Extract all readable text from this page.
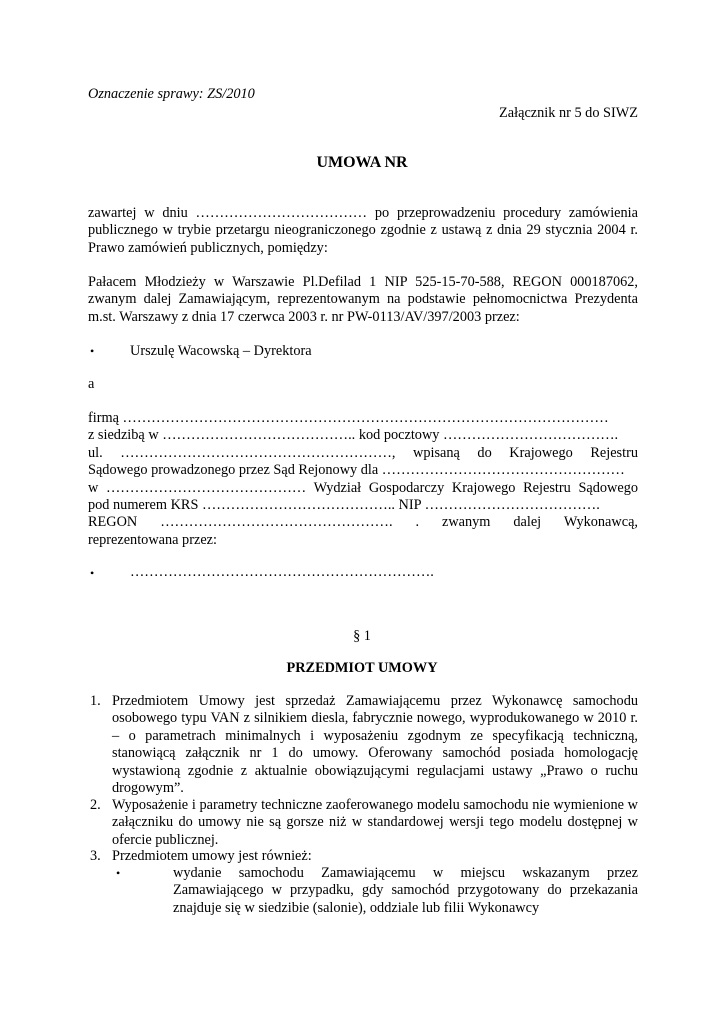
Oznaczenie sprawy: ZS/2010
Załącznik nr 5 do SIWZ
UMOWA NR

zawartej w dniu ……………………………… po przeprowadzeniu procedury zamówienia publicznego w trybie przetargu nieograniczonego zgodnie z ustawą z dnia 29 stycznia 2004 r. Prawo zamówień publicznych, pomiędzy:

Pałacem Młodzieży w Warszawie Pl.Defilad 1 NIP 525-15-70-588, REGON 000187062, zwanym dalej Zamawiającym, reprezentowanym na podstawie pełnomocnictwa Prezydenta m.st. Warszawy z dnia 17 czerwca 2003 r. nr PW-0113/AV/397/2003 przez:

•	Urszulę Wacowską – Dyrektora
a
firmą …………………………………………………………………………………………
z siedzibą w ………………………………….. kod pocztowy ……………………………….
ul. …………………………………………………, wpisaną do Krajowego Rejestru
Sądowego prowadzonego przez Sąd Rejonowy dla ……………………………………………
w …………………………………… Wydział Gospodarczy Krajowego Rejestru Sądowego
pod numerem KRS ………………………………….. NIP ……………………………….
REGON …………………………………………. . zwanym dalej Wykonawcą,
reprezentowana przez:
•	……………………………………………………….
§ 1
PRZEDMIOT UMOWY
1. Przedmiotem Umowy jest sprzedaż Zamawiającemu przez Wykonawcę samochodu osobowego typu VAN z silnikiem diesla, fabrycznie nowego, wyprodukowanego w 2010 r. – o parametrach minimalnych i wyposażeniu zgodnym ze specyfikacją techniczną, stanowiącą załącznik nr 1 do umowy. Oferowany samochód posiada homologację wystawioną zgodnie z aktualnie obowiązującymi regulacjami ustawy „Prawo o ruchu drogowym”.

2. Wyposażenie i parametry techniczne zaoferowanego modelu samochodu nie wymienione w załączniku do umowy nie są gorsze niż w standardowej wersji tego modelu dostępnej w ofercie publicznej.

3. Przedmiotem umowy jest również:
•	wydanie samochodu Zamawiającemu w miejscu wskazanym przez Zamawiającego w przypadku, gdy samochód przygotowany do przekazania znajduje się w siedzibie (salonie), oddziale lub filii Wykonawcy
